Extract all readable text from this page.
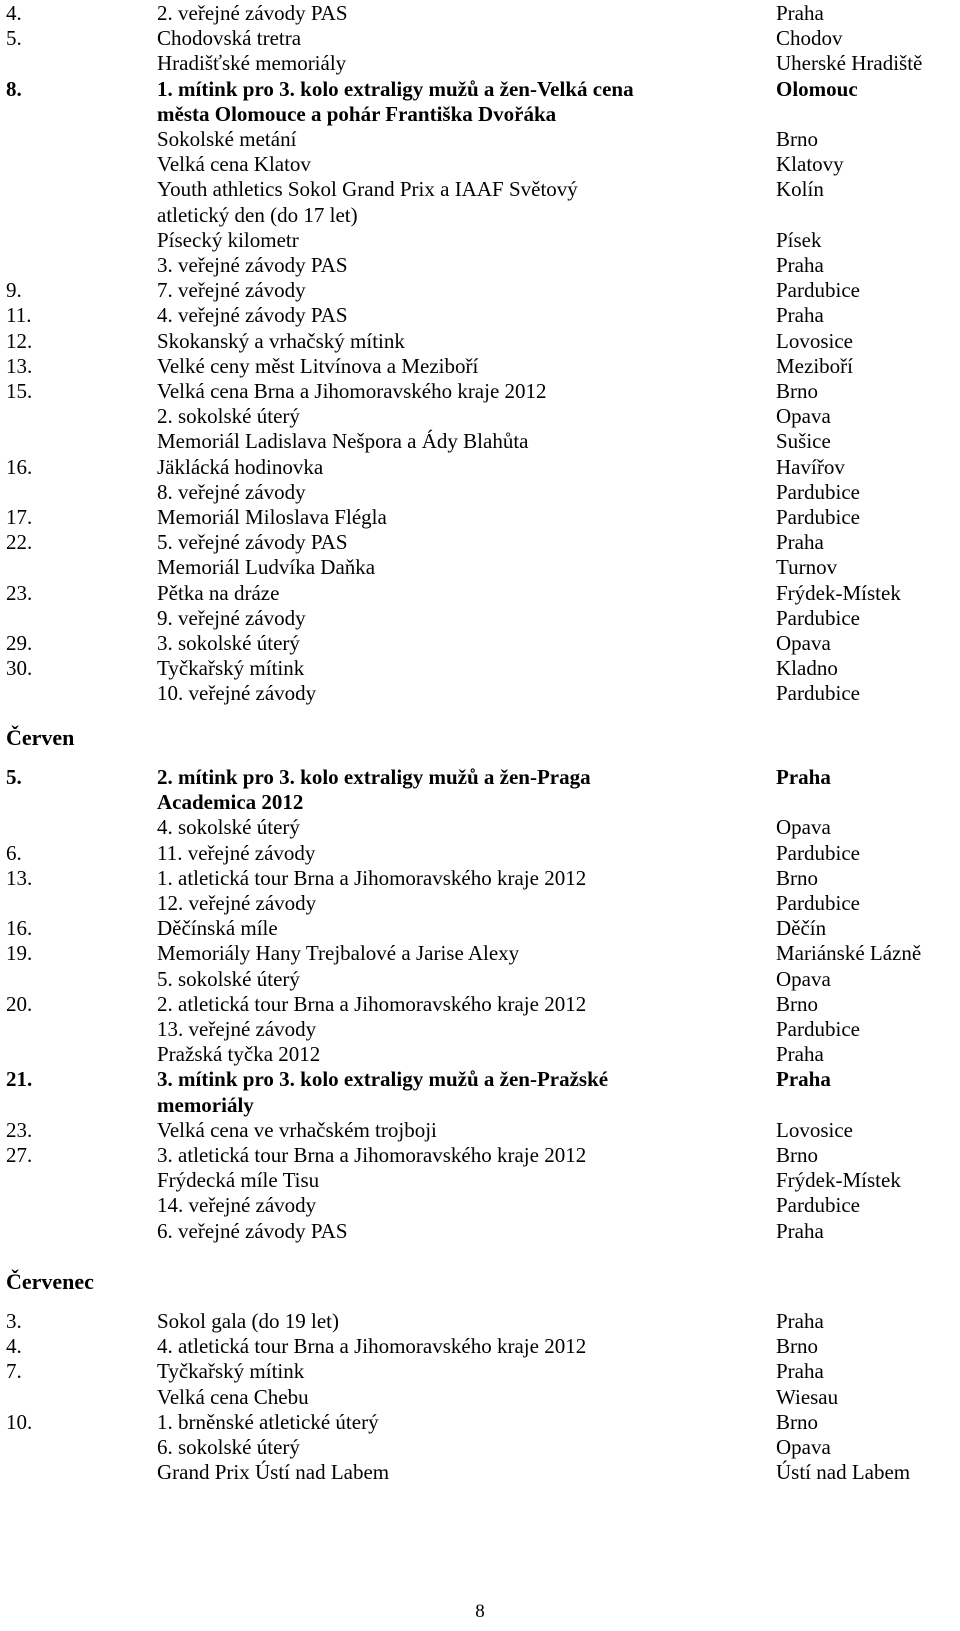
Červen
Červenec
8
4.	2. veřejné závody PAS	Praha
5.	Chodovská tretra	Chodov
Hradišťské memoriály	Uherské Hradiště
8.	1. mítink pro 3. kolo extraligy mužů a žen-Velká cena	Olomouc
města Olomouce a pohár Františka Dvořáka
Sokolské metání	Brno
Velká cena Klatov	Klatovy
Youth athletics Sokol Grand Prix a IAAF Světový	Kolín
atletický den (do 17 let)
Písecký kilometr	Písek
3. veřejné závody PAS	Praha
9.	7. veřejné závody	Pardubice
11.	4. veřejné závody PAS	Praha
12.	Skokanský a vrhačský mítink	Lovosice
13.	Velké ceny měst Litvínova a Meziboří	Meziboří
15.	Velká cena Brna a Jihomoravského kraje 2012	Brno
2. sokolské úterý	Opava
Memoriál Ladislava Nešpora a Ády Blahůta	Sušice
16.	Jäklácká hodinovka	Havířov
8. veřejné závody	Pardubice
17.	Memoriál Miloslava Flégla	Pardubice
22.	5. veřejné závody PAS	Praha
Memoriál Ludvíka Daňka	Turnov
23.	Pětka na dráze	Frýdek-Místek
9. veřejné závody	Pardubice
29.	3. sokolské úterý	Opava
30.	Tyčkařský mítink	Kladno
10. veřejné závody	Pardubice
5.	2. mítink pro 3. kolo extraligy mužů a žen-Praga	Praha
Academica 2012
4. sokolské úterý	Opava
6.	11. veřejné závody	Pardubice
13.	1. atletická tour Brna a Jihomoravského kraje 2012	Brno
12. veřejné závody	Pardubice
16.	Děčínská míle	Děčín
19.	Memoriály Hany Trejbalové a Jarise Alexy	Mariánské Lázně
5. sokolské úterý	Opava
20.	2. atletická tour Brna a Jihomoravského kraje 2012	Brno
13. veřejné závody	Pardubice
Pražská tyčka 2012	Praha
21.	3. mítink pro 3. kolo extraligy mužů a žen-Pražské	Praha
memoriály
23.	Velká cena ve vrhačském trojboji	Lovosice
27.	3. atletická tour Brna a Jihomoravského kraje 2012	Brno
Frýdecká míle Tisu	Frýdek-Místek
14. veřejné závody	Pardubice
6. veřejné závody PAS	Praha
3.	Sokol gala (do 19 let)	Praha
4.	4. atletická tour Brna a Jihomoravského kraje 2012	Brno
7.	Tyčkařský mítink	Praha
Velká cena Chebu	Wiesau
10.	1. brněnské atletické úterý	Brno
6. sokolské úterý	Opava
Grand Prix Ústí nad Labem	Ústí nad Labem
